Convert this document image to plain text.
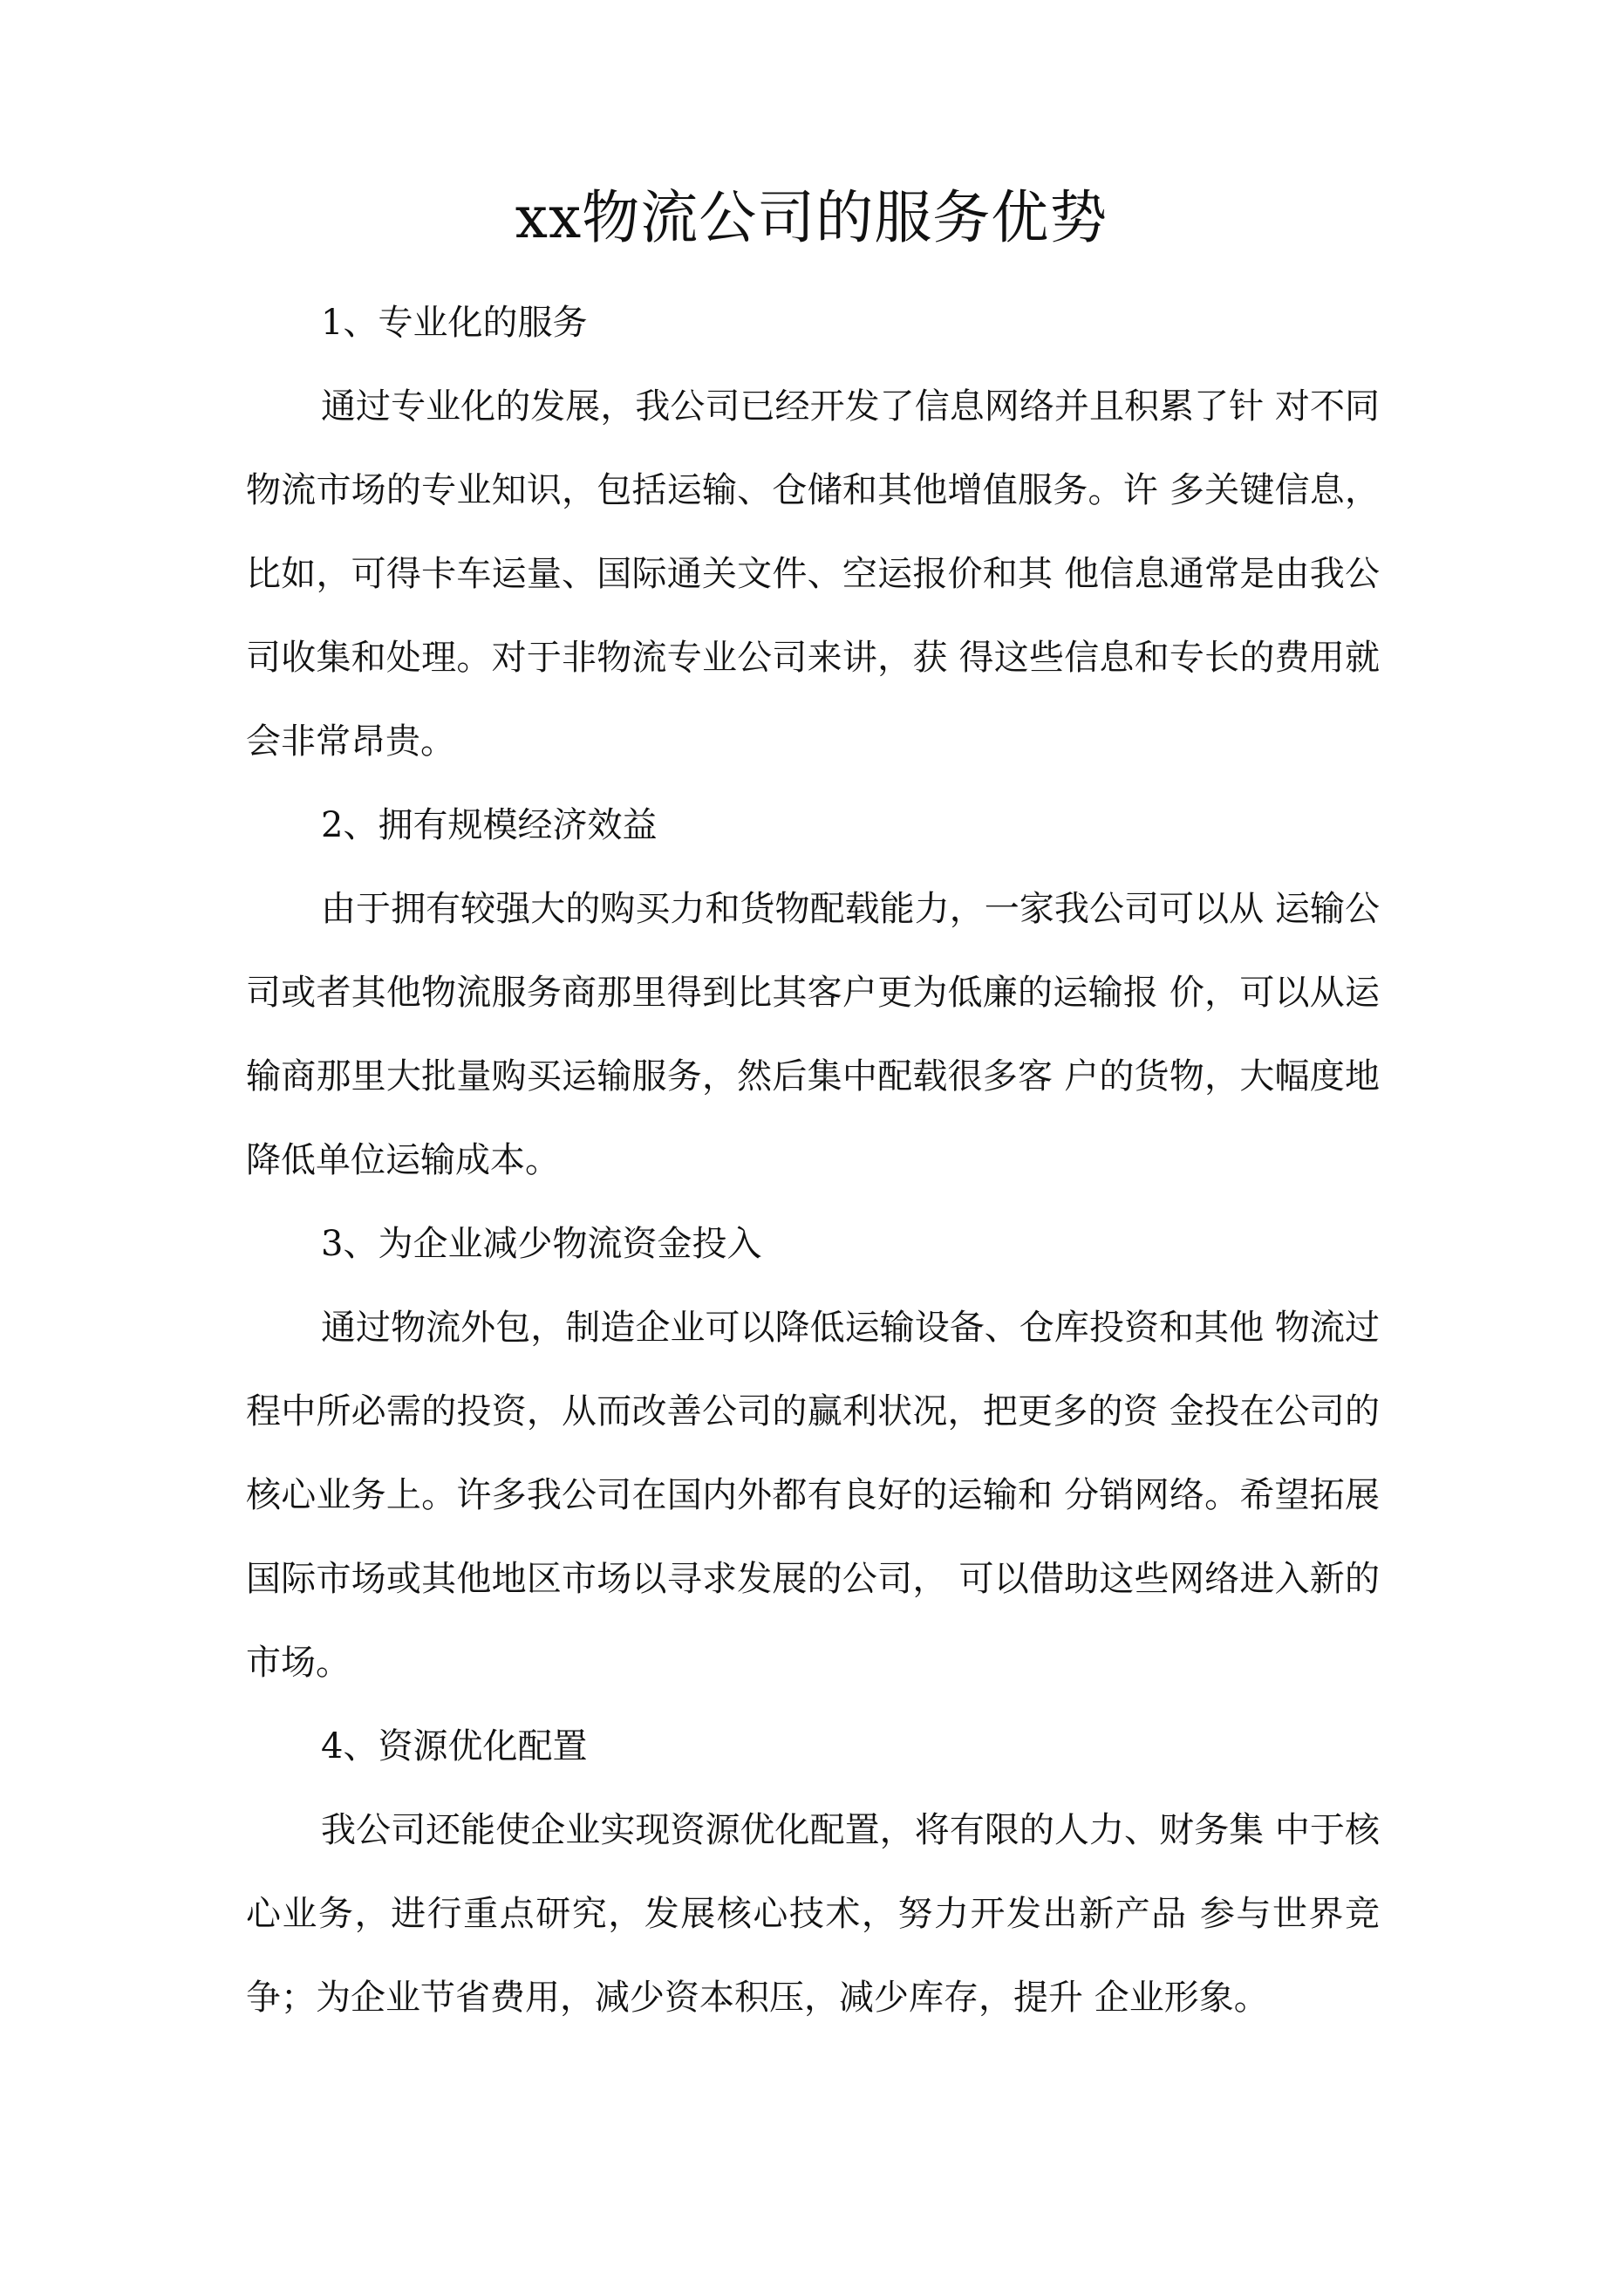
xx物流公司的服务优势

1、专业化的服务

通过专业化的发展，我公司已经开发了信息网络并且积累了针 对不同物流市场的专业知识，包括运输、仓储和其他增值服务。许 多关键信息，比如，可得卡车运量、国际通关文件、空运报价和其 他信息通常是由我公司收集和处理。对于非物流专业公司来讲，获 得这些信息和专长的费用就会非常昂贵。

2、拥有规模经济效益

由于拥有较强大的购买力和货物配载能力，一家我公司可以从 运输公司或者其他物流服务商那里得到比其客户更为低廉的运输报 价，可以从运输商那里大批量购买运输服务，然后集中配载很多客 户的货物，大幅度地降低单位运输成本。

3、为企业减少物流资金投入

通过物流外包，制造企业可以降低运输设备、仓库投资和其他 物流过程中所必需的投资，从而改善公司的赢利状况，把更多的资 金投在公司的核心业务上。许多我公司在国内外都有良好的运输和 分销网络。希望拓展国际市场或其他地区市场以寻求发展的公司， 可以借助这些网络进入新的市场。

4、资源优化配置

我公司还能使企业实现资源优化配置，将有限的人力、财务集 中于核心业务，进行重点研究，发展核心技术，努力开发出新产品 参与世界竞争；为企业节省费用，减少资本积压，减少库存，提升 企业形象。
